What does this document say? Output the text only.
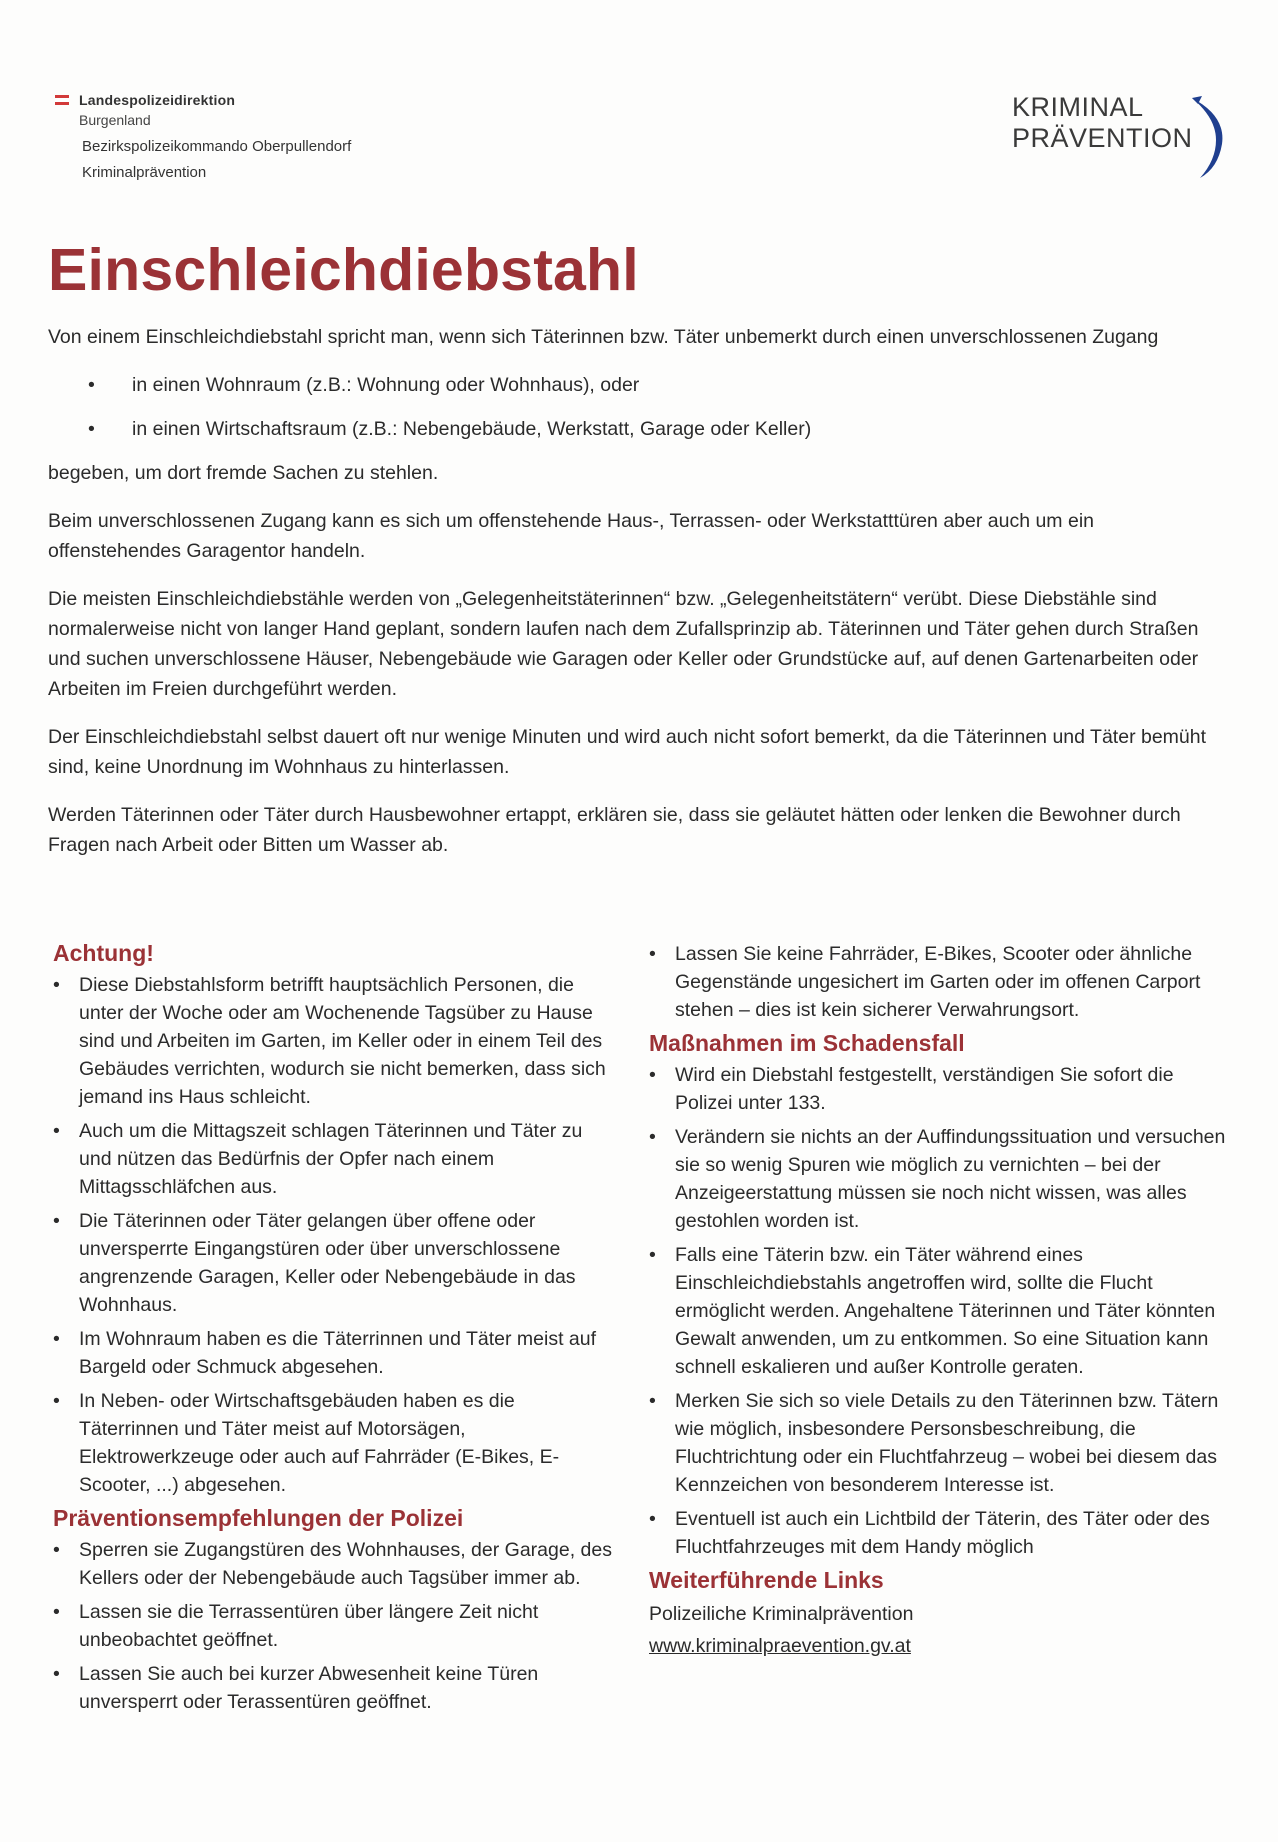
Landespolizeidirektion
Burgenland
Bezirkspolizeikommando Oberpullendorf
Kriminalprävention
KRIMINAL
PRÄVENTION
Einschleichdiebstahl

Von einem Einschleichdiebstahl spricht man, wenn sich Täterinnen bzw. Täter unbemerkt durch einen unverschlossenen Zugang

• in einen Wohnraum (z.B.: Wohnung oder Wohnhaus), oder
• in einen Wirtschaftsraum (z.B.: Nebengebäude, Werkstatt, Garage oder Keller)

begeben, um dort fremde Sachen zu stehlen.

Beim unverschlossenen Zugang kann es sich um offenstehende Haus-, Terrassen- oder Werkstatttüren aber auch um ein offenstehendes Garagentor handeln.

Die meisten Einschleichdiebstähle werden von „Gelegenheitstäterinnen“ bzw. „Gelegenheitstätern“ verübt. Diese Diebstähle sind normalerweise nicht von langer Hand geplant, sondern laufen nach dem Zufallsprinzip ab. Täterinnen und Täter gehen durch Straßen und suchen unverschlossene Häuser, Nebengebäude wie Garagen oder Keller oder Grundstücke auf, auf denen Gartenarbeiten oder Arbeiten im Freien durchgeführt werden.

Der Einschleichdiebstahl selbst dauert oft nur wenige Minuten und wird auch nicht sofort bemerkt, da die Täterinnen und Täter bemüht sind, keine Unordnung im Wohnhaus zu hinterlassen.

Werden Täterinnen oder Täter durch Hausbewohner ertappt, erklären sie, dass sie geläutet hätten oder lenken die Bewohner durch Fragen nach Arbeit oder Bitten um Wasser ab.

Achtung!
• Diese Diebstahlsform betrifft hauptsächlich Personen, die unter der Woche oder am Wochenende Tagsüber zu Hause sind und Arbeiten im Garten, im Keller oder in einem Teil des Gebäudes verrichten, wodurch sie nicht bemerken, dass sich jemand ins Haus schleicht.
• Auch um die Mittagszeit schlagen Täterinnen und Täter zu und nützen das Bedürfnis der Opfer nach einem Mittagsschläfchen aus.
• Die Täterinnen oder Täter gelangen über offene oder unversperrte Eingangstüren oder über unverschlossene angrenzende Garagen, Keller oder Nebengebäude in das Wohnhaus.
• Im Wohnraum haben es die Täterrinnen und Täter meist auf Bargeld oder Schmuck abgesehen.
• In Neben- oder Wirtschaftsgebäuden haben es die Täterrinnen und Täter meist auf Motorsägen, Elektrowerkzeuge oder auch auf Fahrräder (E-Bikes, E-Scooter, ...) abgesehen.
Präventionsempfehlungen der Polizei
• Sperren sie Zugangstüren des Wohnhauses, der Garage, des Kellers oder der Nebengebäude auch Tagsüber immer ab.
• Lassen sie die Terrassentüren über längere Zeit nicht unbeobachtet geöffnet.
• Lassen Sie auch bei kurzer Abwesenheit keine Türen unversperrt oder Terassentüren geöffnet.
• Lassen Sie keine Fahrräder, E-Bikes, Scooter oder ähnliche Gegenstände ungesichert im Garten oder im offenen Carport stehen – dies ist kein sicherer Verwahrungsort.
Maßnahmen im Schadensfall
• Wird ein Diebstahl festgestellt, verständigen Sie sofort die Polizei unter 133.
• Verändern sie nichts an der Auffindungssituation und versuchen sie so wenig Spuren wie möglich zu vernichten – bei der Anzeigeerstattung müssen sie noch nicht wissen, was alles gestohlen worden ist.
• Falls eine Täterin bzw. ein Täter während eines Einschleichdiebstahls angetroffen wird, sollte die Flucht ermöglicht werden. Angehaltene Täterinnen und Täter könnten Gewalt anwenden, um zu entkommen. So eine Situation kann schnell eskalieren und außer Kontrolle geraten.
• Merken Sie sich so viele Details zu den Täterinnen bzw. Tätern wie möglich, insbesondere Personsbeschreibung, die Fluchtrichtung oder ein Fluchtfahrzeug – wobei bei diesem das Kennzeichen von besonderem Interesse ist.
• Eventuell ist auch ein Lichtbild der Täterin, des Täter oder des Fluchtfahrzeuges mit dem Handy möglich
Weiterführende Links
Polizeiliche Kriminalprävention
www.kriminalpraevention.gv.at
